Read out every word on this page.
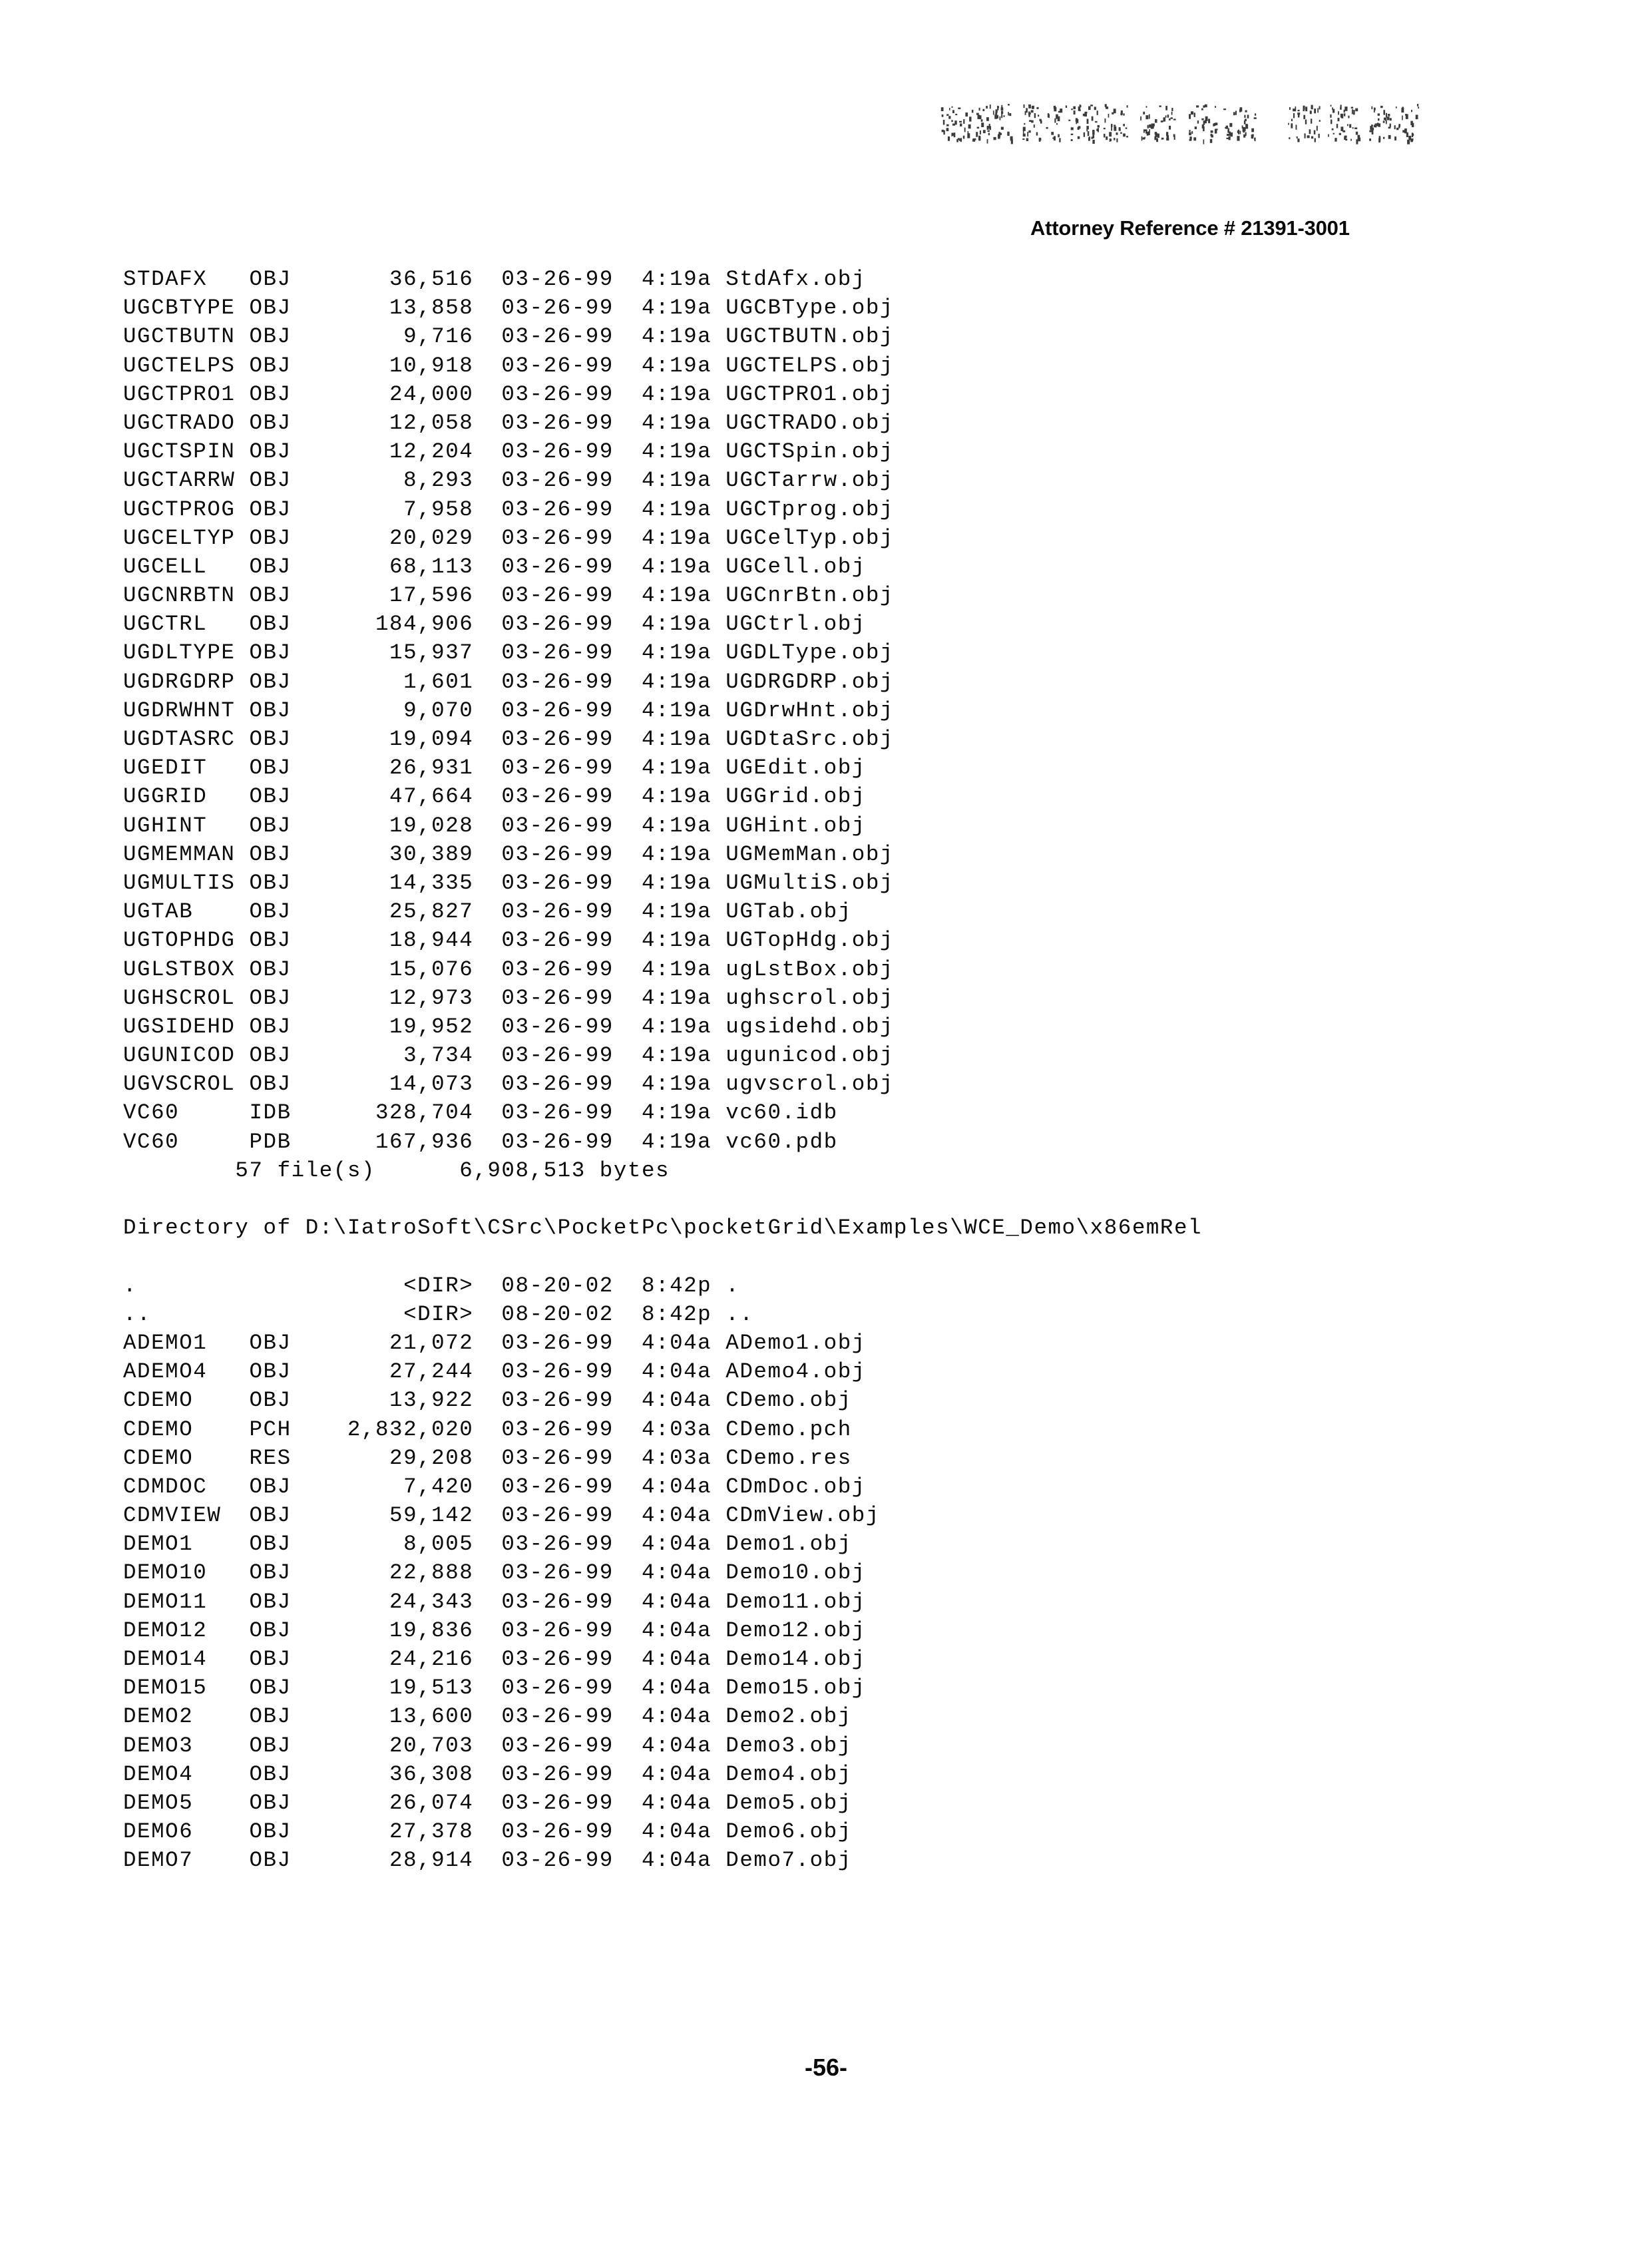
Attorney Reference # 21391-3001
STDAFX   OBJ       36,516  03-26-99  4:19a StdAfx.obj
UGCBTYPE OBJ       13,858  03-26-99  4:19a UGCBType.obj
UGCTBUTN OBJ        9,716  03-26-99  4:19a UGCTBUTN.obj
UGCTELPS OBJ       10,918  03-26-99  4:19a UGCTELPS.obj
UGCTPRO1 OBJ       24,000  03-26-99  4:19a UGCTPRO1.obj
UGCTRADO OBJ       12,058  03-26-99  4:19a UGCTRADO.obj
UGCTSPIN OBJ       12,204  03-26-99  4:19a UGCTSpin.obj
UGCTARRW OBJ        8,293  03-26-99  4:19a UGCTarrw.obj
UGCTPROG OBJ        7,958  03-26-99  4:19a UGCTprog.obj
UGCELTYP OBJ       20,029  03-26-99  4:19a UGCelTyp.obj
UGCELL   OBJ       68,113  03-26-99  4:19a UGCell.obj
UGCNRBTN OBJ       17,596  03-26-99  4:19a UGCnrBtn.obj
UGCTRL   OBJ      184,906  03-26-99  4:19a UGCtrl.obj
UGDLTYPE OBJ       15,937  03-26-99  4:19a UGDLType.obj
UGDRGDRP OBJ        1,601  03-26-99  4:19a UGDRGDRP.obj
UGDRWHNT OBJ        9,070  03-26-99  4:19a UGDrwHnt.obj
UGDTASRC OBJ       19,094  03-26-99  4:19a UGDtaSrc.obj
UGEDIT   OBJ       26,931  03-26-99  4:19a UGEdit.obj
UGGRID   OBJ       47,664  03-26-99  4:19a UGGrid.obj
UGHINT   OBJ       19,028  03-26-99  4:19a UGHint.obj
UGMEMMAN OBJ       30,389  03-26-99  4:19a UGMemMan.obj
UGMULTIS OBJ       14,335  03-26-99  4:19a UGMultiS.obj
UGTAB    OBJ       25,827  03-26-99  4:19a UGTab.obj
UGTOPHDG OBJ       18,944  03-26-99  4:19a UGTopHdg.obj
UGLSTBOX OBJ       15,076  03-26-99  4:19a ugLstBox.obj
UGHSCROL OBJ       12,973  03-26-99  4:19a ughscrol.obj
UGSIDEHD OBJ       19,952  03-26-99  4:19a ugsidehd.obj
UGUNICOD OBJ        3,734  03-26-99  4:19a ugunicod.obj
UGVSCROL OBJ       14,073  03-26-99  4:19a ugvscrol.obj
VC60     IDB      328,704  03-26-99  4:19a vc60.idb
VC60     PDB      167,936  03-26-99  4:19a vc60.pdb
57 file(s)      6,908,513 bytes

Directory of D:\IatroSoft\CSrc\PocketPc\pocketGrid\Examples\WCE_Demo\x86emRel

.                   <DIR>  08-20-02  8:42p .
..                  <DIR>  08-20-02  8:42p ..
ADEMO1   OBJ       21,072  03-26-99  4:04a ADemo1.obj
ADEMO4   OBJ       27,244  03-26-99  4:04a ADemo4.obj
CDEMO    OBJ       13,922  03-26-99  4:04a CDemo.obj
CDEMO    PCH    2,832,020  03-26-99  4:03a CDemo.pch
CDEMO    RES       29,208  03-26-99  4:03a CDemo.res
CDMDOC   OBJ        7,420  03-26-99  4:04a CDmDoc.obj
CDMVIEW  OBJ       59,142  03-26-99  4:04a CDmView.obj
DEMO1    OBJ        8,005  03-26-99  4:04a Demo1.obj
DEMO10   OBJ       22,888  03-26-99  4:04a Demo10.obj
DEMO11   OBJ       24,343  03-26-99  4:04a Demo11.obj
DEMO12   OBJ       19,836  03-26-99  4:04a Demo12.obj
DEMO14   OBJ       24,216  03-26-99  4:04a Demo14.obj
DEMO15   OBJ       19,513  03-26-99  4:04a Demo15.obj
DEMO2    OBJ       13,600  03-26-99  4:04a Demo2.obj
DEMO3    OBJ       20,703  03-26-99  4:04a Demo3.obj
DEMO4    OBJ       36,308  03-26-99  4:04a Demo4.obj
DEMO5    OBJ       26,074  03-26-99  4:04a Demo5.obj
DEMO6    OBJ       27,378  03-26-99  4:04a Demo6.obj
DEMO7    OBJ       28,914  03-26-99  4:04a Demo7.obj
-56-
